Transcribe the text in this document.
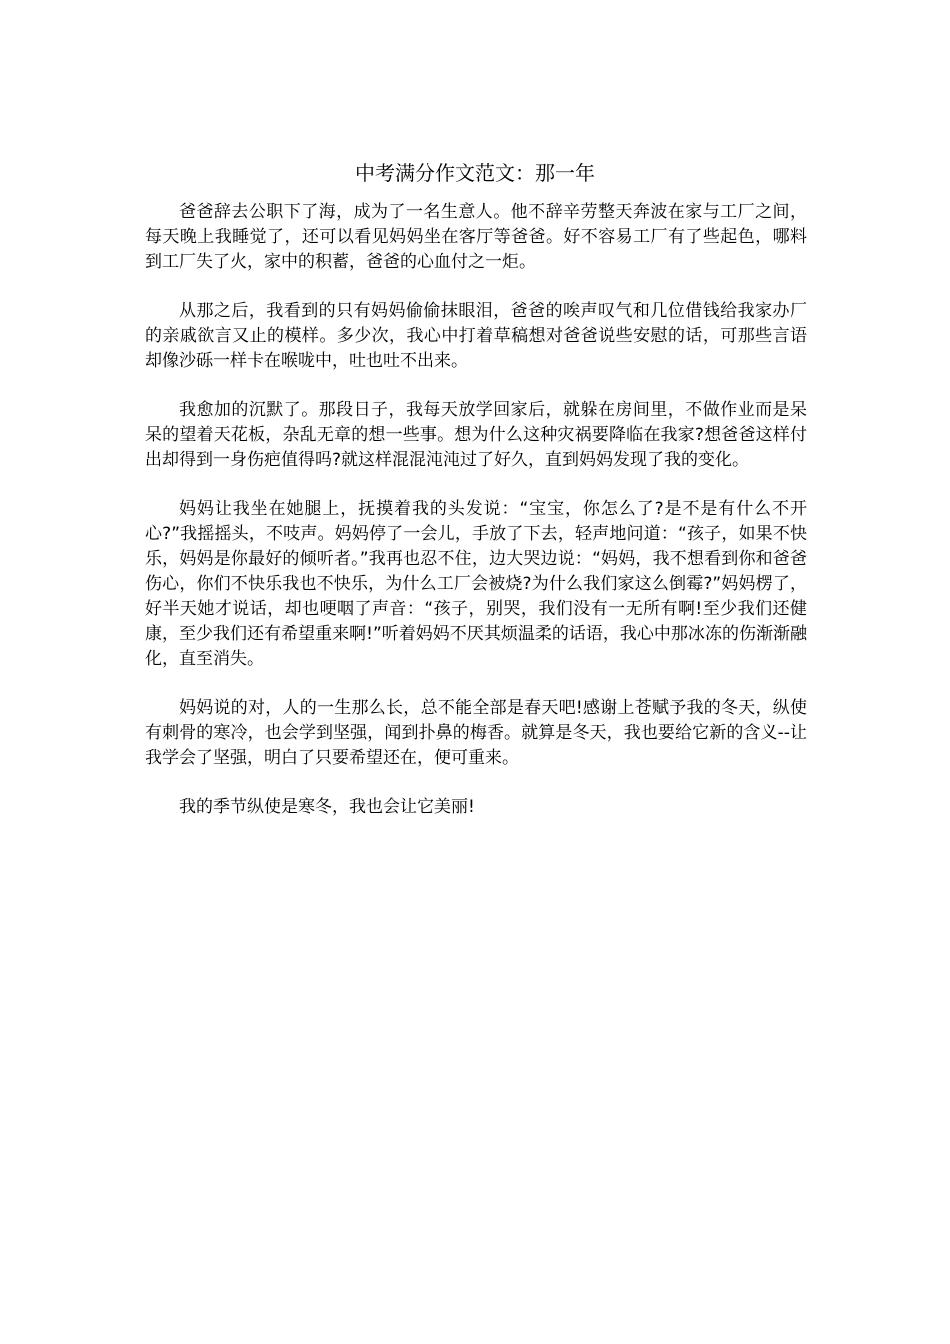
中考满分作文范文：那一年

爸爸辞去公职下了海，成为了一名生意人。他不辞辛劳整天奔波在家与工厂之间，每天晚上我睡觉了，还可以看见妈妈坐在客厅等爸爸。好不容易工厂有了些起色，哪料到工厂失了火，家中的积蓄，爸爸的心血付之一炬。

从那之后，我看到的只有妈妈偷偷抹眼泪，爸爸的唉声叹气和几位借钱给我家办厂的亲戚欲言又止的模样。多少次，我心中打着草稿想对爸爸说些安慰的话，可那些言语却像沙砾一样卡在喉咙中，吐也吐不出来。

我愈加的沉默了。那段日子，我每天放学回家后，就躲在房间里，不做作业而是呆呆的望着天花板，杂乱无章的想一些事。想为什么这种灾祸要降临在我家?想爸爸这样付出却得到一身伤疤值得吗?就这样混混沌沌过了好久，直到妈妈发现了我的变化。

妈妈让我坐在她腿上，抚摸着我的头发说：“宝宝，你怎么了?是不是有什么不开心?”我摇摇头，不吱声。妈妈停了一会儿，手放了下去，轻声地问道：“孩子，如果不快乐，妈妈是你最好的倾听者。”我再也忍不住，边大哭边说：“妈妈，我不想看到你和爸爸伤心，你们不快乐我也不快乐，为什么工厂会被烧?为什么我们家这么倒霉?”妈妈楞了，好半天她才说话，却也哽咽了声音：“孩子，别哭，我们没有一无所有啊!至少我们还健康，至少我们还有希望重来啊!”听着妈妈不厌其烦温柔的话语，我心中那冰冻的伤渐渐融化，直至消失。

妈妈说的对，人的一生那么长，总不能全部是春天吧!感谢上苍赋予我的冬天，纵使有刺骨的寒冷，也会学到坚强，闻到扑鼻的梅香。就算是冬天，我也要给它新的含义--让我学会了坚强，明白了只要希望还在，便可重来。

我的季节纵使是寒冬，我也会让它美丽!
